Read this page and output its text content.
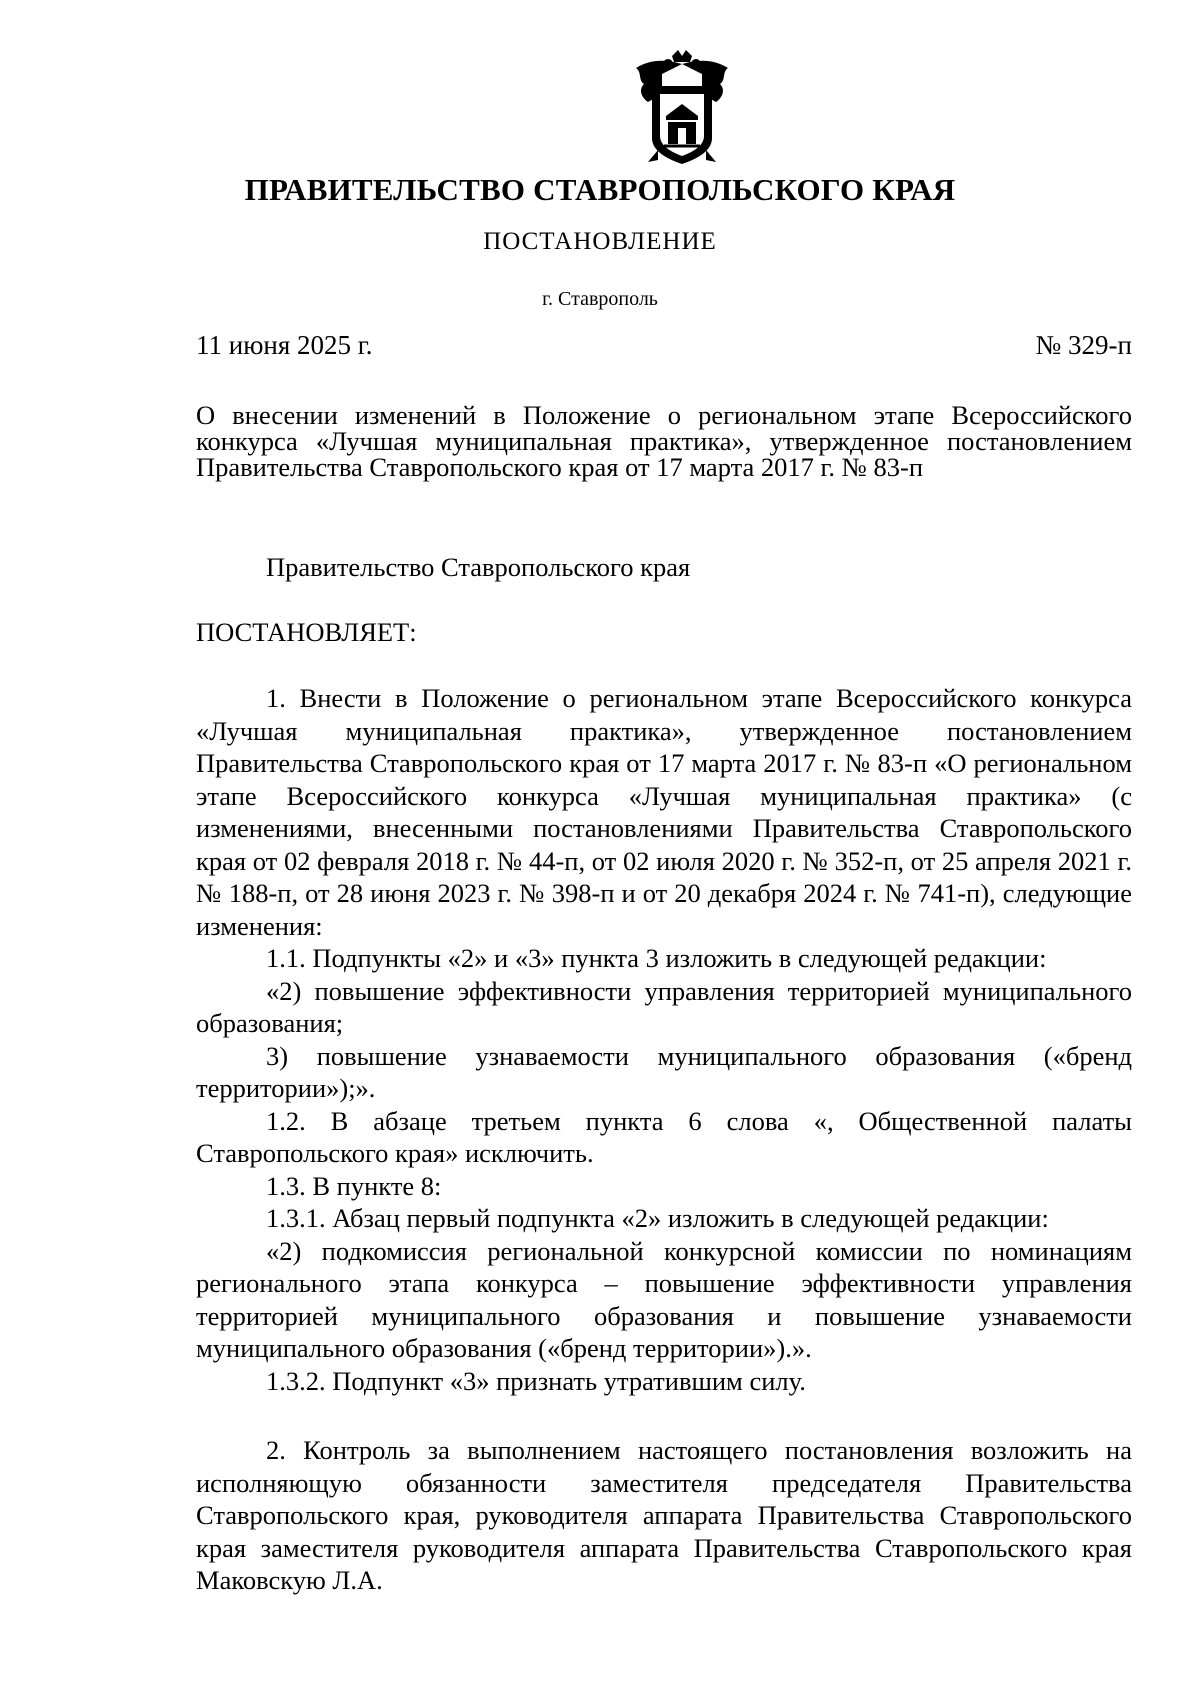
ПРАВИТЕЛЬСТВО СТАВРОПОЛЬСКОГО КРАЯ
ПОСТАНОВЛЕНИЕ
г. Ставрополь
11 июня 2025 г.	№ 329-п
О внесении изменений в Положение о региональном этапе Всероссийского конкурса «Лучшая муниципальная практика», утвержденное постановлением Правительства Ставропольского края от 17 марта 2017 г. № 83-п

Правительство Ставропольского края

ПОСТАНОВЛЯЕТ:

1. Внести в Положение о региональном этапе Всероссийского конкурса «Лучшая муниципальная практика», утвержденное постановлением Правительства Ставропольского края от 17 марта 2017 г. № 83-п «О региональном этапе Всероссийского конкурса «Лучшая муниципальная практика» (с изменениями, внесенными постановлениями Правительства Ставропольского края от 02 февраля 2018 г. № 44-п, от 02 июля 2020 г. № 352-п, от 25 апреля 2021 г. № 188-п, от 28 июня 2023 г. № 398-п и от 20 декабря 2024 г. № 741-п), следующие изменения:

1.1. Подпункты «2» и «3» пункта 3 изложить в следующей редакции:

«2) повышение эффективности управления территорией муниципального образования;

3) повышение узнаваемости муниципального образования («бренд территории»);».

1.2. В абзаце третьем пункта 6 слова «, Общественной палаты Ставропольского края» исключить.

1.3. В пункте 8:

1.3.1. Абзац первый подпункта «2» изложить в следующей редакции:

«2) подкомиссия региональной конкурсной комиссии по номинациям регионального этапа конкурса – повышение эффективности управления территорией муниципального образования и повышение узнаваемости муниципального образования («бренд территории»).».

1.3.2. Подпункт «3» признать утратившим силу.

2. Контроль за выполнением настоящего постановления возложить на исполняющую обязанности заместителя председателя Правительства Ставропольского края, руководителя аппарата Правительства Ставропольского края заместителя руководителя аппарата Правительства Ставропольского края Маковскую Л.А.
